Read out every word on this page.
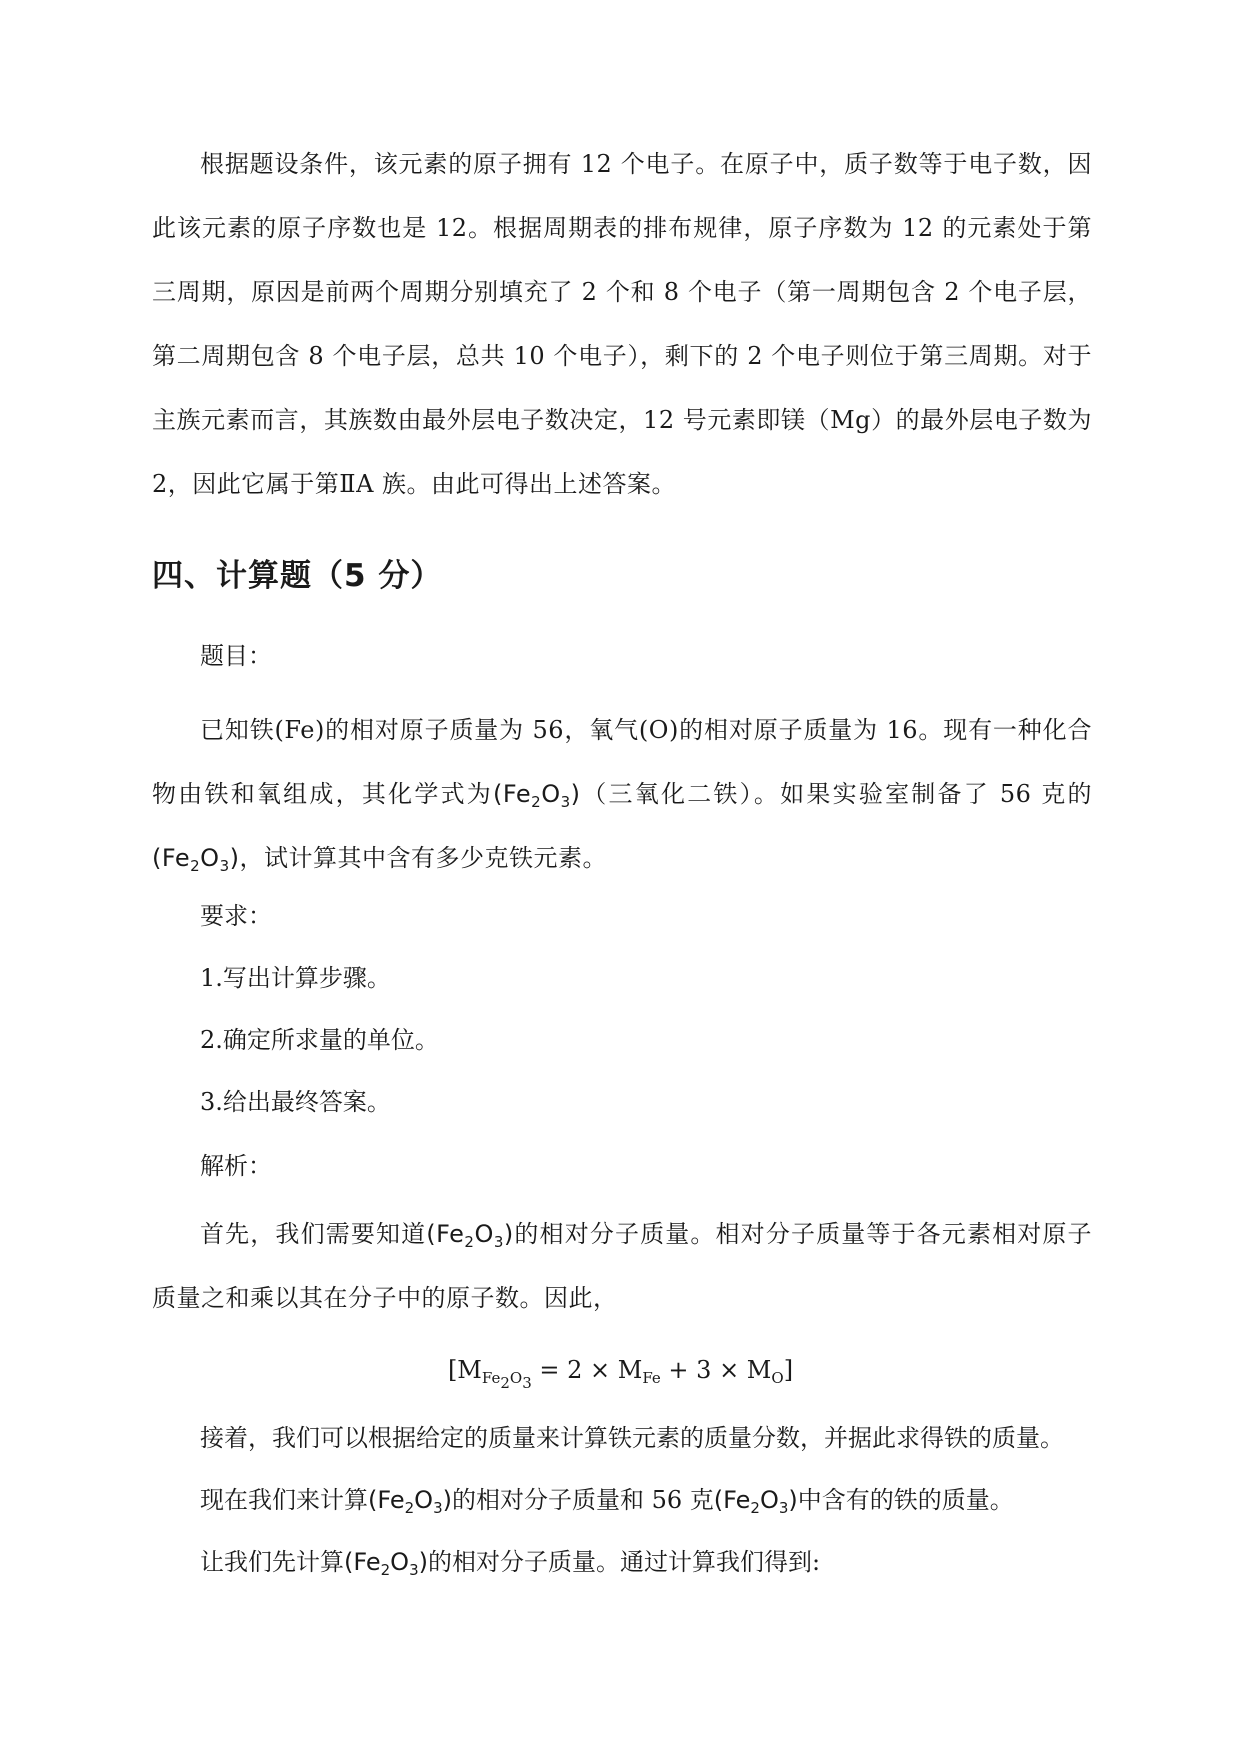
根据题设条件，该元素的原子拥有 12 个电子。在原子中，质子数等于电子数，因此该元素的原子序数也是 12。根据周期表的排布规律，原子序数为 12 的元素处于第三周期，原因是前两个周期分别填充了 2 个和 8 个电子（第一周期包含 2 个电子层，第二周期包含 8 个电子层，总共 10 个电子），剩下的 2 个电子则位于第三周期。对于主族元素而言，其族数由最外层电子数决定，12 号元素即镁（Mg）的最外层电子数为 2，因此它属于第ⅡA 族。由此可得出上述答案。
四、计算题（5 分）
题目：
已知铁(Fe)的相对原子质量为 56，氧气(O)的相对原子质量为 16。现有一种化合物由铁和氧组成，其化学式为$(Fe_2O_3)$（三氧化二铁）。如果实验室制备了 56 克的$(Fe_2O_3)$，试计算其中含有多少克铁元素。
要求：
1.写出计算步骤。
2.确定所求量的单位。
3.给出最终答案。
解析：
首先，我们需要知道$(Fe_2O_3)$的相对分子质量。相对分子质量等于各元素相对原子质量之和乘以其在分子中的原子数。因此，
$[M_{Fe_2O_3} = 2 \times M_{Fe} + 3 \times M_O]$
接着，我们可以根据给定的质量来计算铁元素的质量分数，并据此求得铁的质量。
现在我们来计算$(Fe_2O_3)$的相对分子质量和 56 克$(Fe_2O_3)$中含有的铁的质量。
让我们先计算$(Fe_2O_3)$的相对分子质量。通过计算我们得到:
